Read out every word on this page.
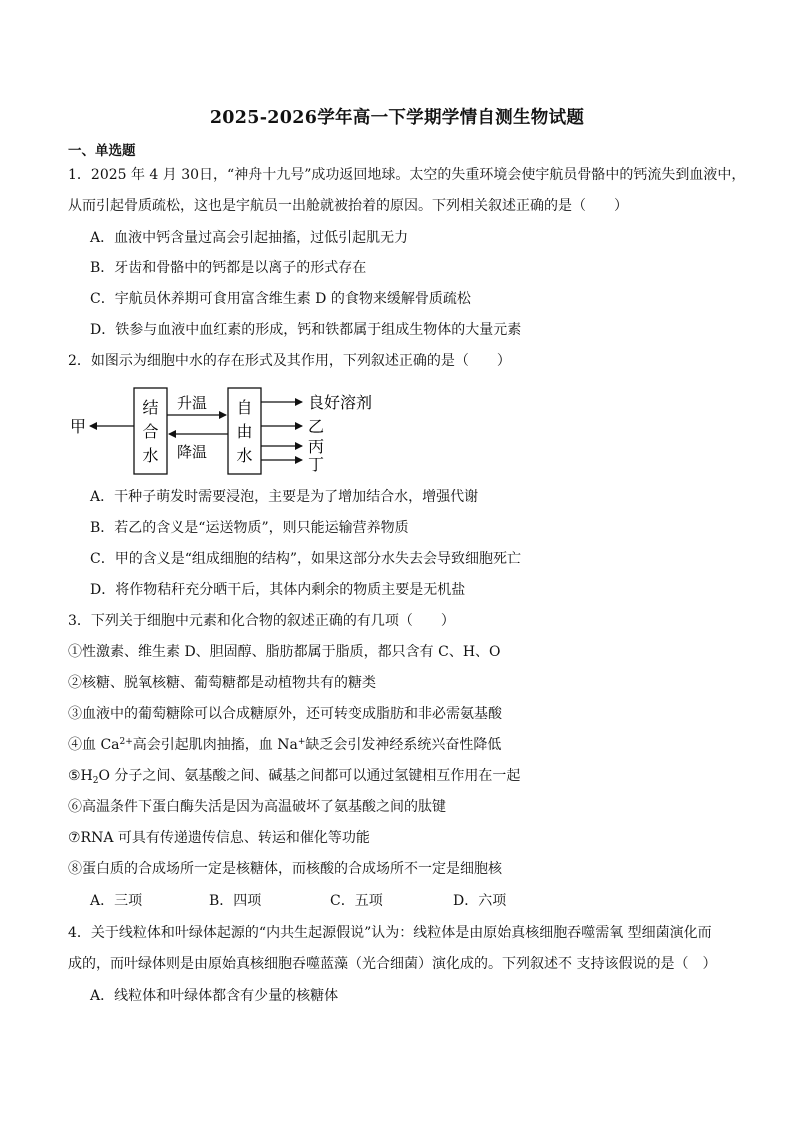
2025-2026学年高一下学期学情自测生物试题
一、单选题
1．2025 年 4 月 30日，“神舟十九号”成功返回地球。太空的失重环境会使宇航员骨骼中的钙流失到血液中，
从而引起骨质疏松，这也是宇航员一出舱就被抬着的原因。下列相关叙述正确的是（　　）
A．血液中钙含量过高会引起抽搐，过低引起肌无力
B．牙齿和骨骼中的钙都是以离子的形式存在
C．宇航员休养期可食用富含维生素 D 的食物来缓解骨质疏松
D．铁参与血液中血红素的形成，钙和铁都属于组成生物体的大量元素
2．如图示为细胞中水的存在形式及其作用，下列叙述正确的是（　　）
结
合
水
自
由
水
甲
升温
降温
良好溶剂
乙
丙
丁
A．干种子萌发时需要浸泡，主要是为了增加结合水，增强代谢
B．若乙的含义是“运送物质”，则只能运输营养物质
C．甲的含义是“组成细胞的结构”，如果这部分水失去会导致细胞死亡
D．将作物秸秆充分晒干后，其体内剩余的物质主要是无机盐
3．下列关于细胞中元素和化合物的叙述正确的有几项（　　）
①性激素、维生素 D、胆固醇、脂肪都属于脂质，都只含有 C、H、O
②核糖、脱氧核糖、葡萄糖都是动植物共有的糖类
③血液中的葡萄糖除可以合成糖原外，还可转变成脂肪和非必需氨基酸
④血 $Ca^{2+}$高会引起肌肉抽搐，血 Na+缺乏会引发神经系统兴奋性降低
$⑤H_2O$ 分子之间、氨基酸之间、碱基之间都可以通过氢键相互作用在一起
⑥高温条件下蛋白酶失活是因为高温破坏了氨基酸之间的肽键
⑦RNA 可具有传递遗传信息、转运和催化等功能
⑧蛋白质的合成场所一定是核糖体，而核酸的合成场所不一定是细胞核
A．三项	B．四项	C．五项	D．六项
4．关于线粒体和叶绿体起源的“内共生起源假说”认为：线粒体是由原始真核细胞吞噬需氧 型细菌演化而
成的，而叶绿体则是由原始真核细胞吞噬蓝藻（光合细菌）演化成的。下列叙述不 支持该假说的是（　）
A．线粒体和叶绿体都含有少量的核糖体
